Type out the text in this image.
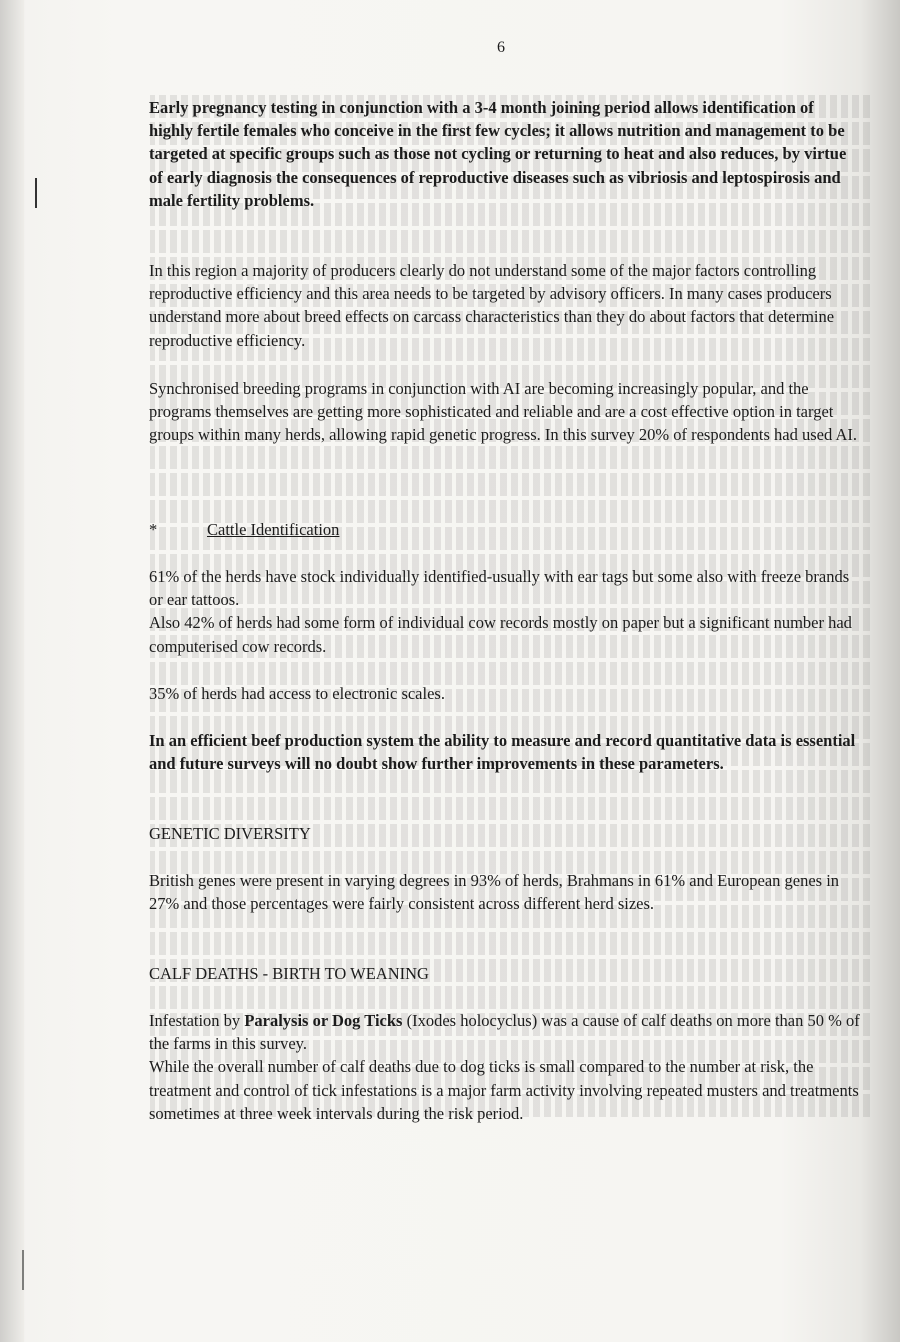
6
Early pregnancy testing in conjunction with a 3-4 month joining period allows identification of highly fertile females who conceive in the first few cycles; it allows nutrition and management to be targeted at specific groups such as those not cycling or returning to heat and also reduces, by virtue of early diagnosis the consequences of reproductive diseases such as vibriosis and leptospirosis and male fertility problems.
In this region a majority of producers clearly do not understand some of the major factors controlling reproductive efficiency and this area needs to be targeted by advisory officers. In many cases producers understand more about breed effects on carcass characteristics than they do about factors that determine reproductive efficiency.
Synchronised breeding programs in conjunction with AI are becoming increasingly popular, and the programs themselves are getting more sophisticated and reliable and are a cost effective option in target groups within many herds, allowing rapid genetic progress. In this survey 20% of respondents had used AI.
*	Cattle Identification
61% of the herds have stock individually identified-usually with ear tags but some also with freeze brands or ear tattoos.
Also 42% of herds had some form of individual cow records mostly on paper but a significant number had computerised cow records.
35% of herds had access to electronic scales.
In an efficient beef production system the ability to measure and record quantitative data is essential and future surveys will no doubt show further improvements in these parameters.
GENETIC DIVERSITY
British genes were present in varying degrees in 93% of herds, Brahmans in 61% and European genes in 27% and those percentages were fairly consistent across different herd sizes.
CALF DEATHS - BIRTH TO WEANING
Infestation by Paralysis or Dog Ticks (Ixodes holocyclus) was a cause of calf deaths on more than 50 % of the farms in this survey.
While the overall number of calf deaths due to dog ticks is small compared to the number at risk, the treatment and control of tick infestations is a major farm activity involving repeated musters and treatments sometimes at three week intervals during the risk period.
